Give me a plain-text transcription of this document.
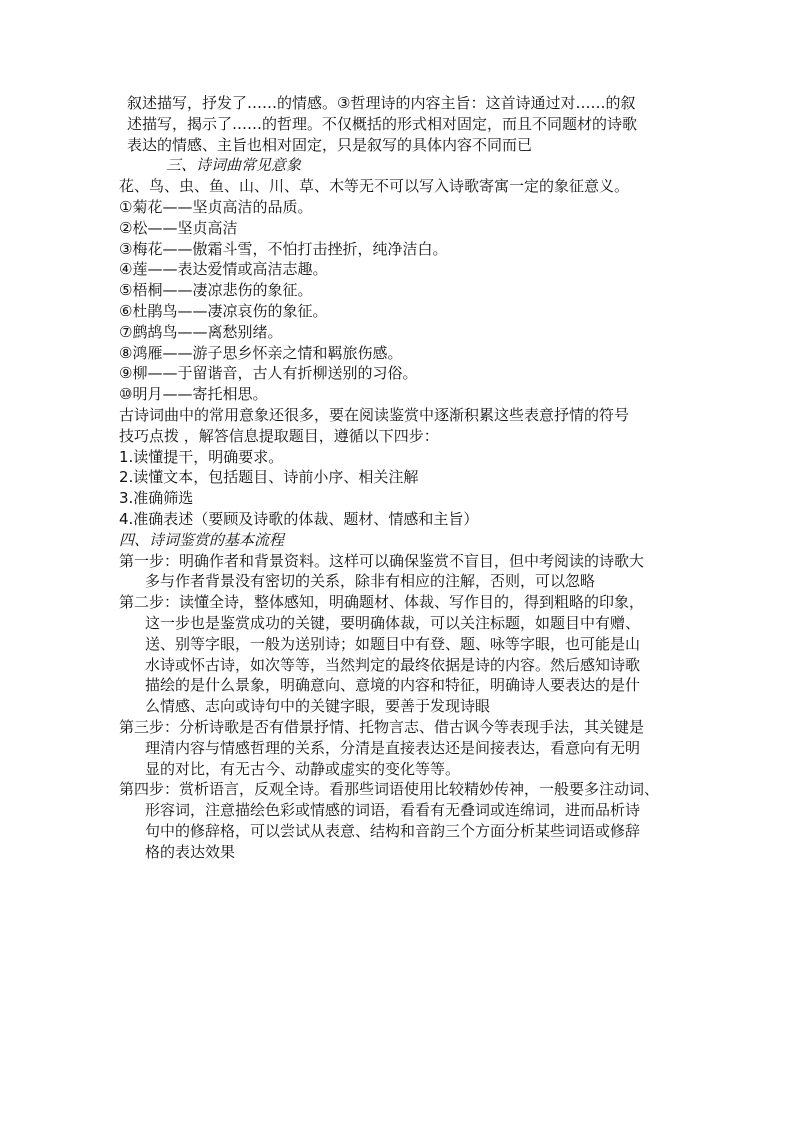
叙述描写，抒发了……的情感。③哲理诗的内容主旨：这首诗通过对……的叙

述描写，揭示了……的哲理。不仅概括的形式相对固定，而且不同题材的诗歌

表达的情感、主旨也相对固定，只是叙写的具体内容不同而已

三、诗词曲常见意象

花、鸟、虫、鱼、山、川、草、木等无不可以写入诗歌寄寓一定的象征意义。

①菊花——坚贞高洁的品质。

②松——坚贞高洁

③梅花——傲霜斗雪，不怕打击挫折，纯净洁白。

④莲——表达爱情或高洁志趣。

⑤梧桐——凄凉悲伤的象征。

⑥杜鹃鸟——凄凉哀伤的象征。

⑦鹧鸪鸟——离愁别绪。

⑧鸿雁——游子思乡怀亲之情和羁旅伤感。

⑨柳——于留谐音，古人有折柳送别的习俗。

⑩明月——寄托相思。

古诗词曲中的常用意象还很多，要在阅读鉴赏中逐渐积累这些表意抒情的符号

技巧点拨 ，解答信息提取题目，遵循以下四步：

1.读懂提干，明确要求。

2.读懂文本，包括题目、诗前小序、相关注解

3.准确筛选

4.准确表述（要顾及诗歌的体裁、题材、情感和主旨）

四、诗词鉴赏的基本流程

第一步：明确作者和背景资料。这样可以确保鉴赏不盲目，但中考阅读的诗歌大

多与作者背景没有密切的关系，除非有相应的注解，否则，可以忽略

第二步：读懂全诗，整体感知，明确题材、体裁、写作目的，得到粗略的印象，

这一步也是鉴赏成功的关键，要明确体裁，可以关注标题，如题目中有赠、

送、别等字眼，一般为送别诗；如题目中有登、题、咏等字眼，也可能是山

水诗或怀古诗，如次等等，当然判定的最终依据是诗的内容。然后感知诗歌

描绘的是什么景象，明确意向、意境的内容和特征，明确诗人要表达的是什

么情感、志向或诗句中的关键字眼，要善于发现诗眼

第三步：分析诗歌是否有借景抒情、托物言志、借古讽今等表现手法，其关键是

理清内容与情感哲理的关系，分清是直接表达还是间接表达，看意向有无明

显的对比，有无古今、动静或虚实的变化等等。

第四步：赏析语言，反观全诗。看那些词语使用比较精妙传神，一般要多注动词、

形容词，注意描绘色彩或情感的词语，看看有无叠词或连绵词，进而品析诗

句中的修辞格，可以尝试从表意、结构和音韵三个方面分析某些词语或修辞

格的表达效果
